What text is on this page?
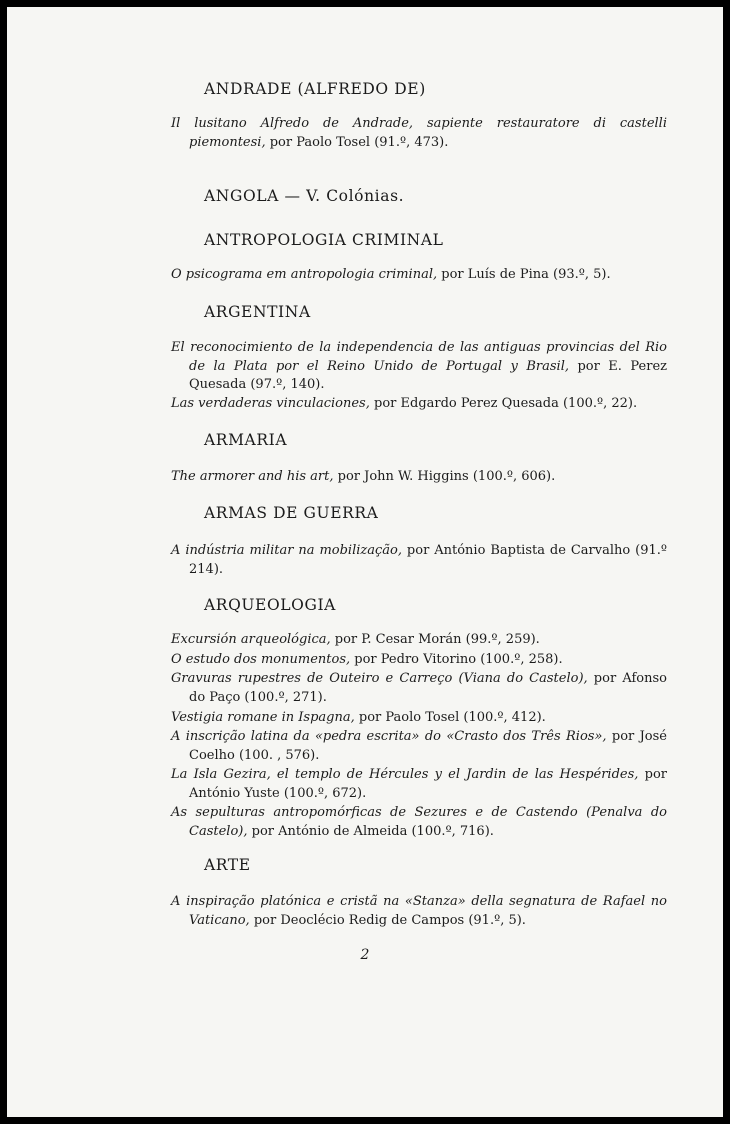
ANDRADE (ALFREDO DE)
Il lusitano Alfredo de Andrade, sapiente restauratore di castelli piemontesi, por Paolo Tosel (91.º, 473).
ANGOLA — V. Colónias.
ANTROPOLOGIA CRIMINAL
O psicograma em antropologia criminal, por Luís de Pina (93.º, 5).
ARGENTINA
El reconocimiento de la independencia de las antiguas provincias del Rio de la Plata por el Reino Unido de Portugal y Brasil, por E. Perez Quesada (97.º, 140).
Las verdaderas vinculaciones, por Edgardo Perez Quesada (100.º, 22).
ARMARIA
The armorer and his art, por John W. Higgins (100.º, 606).
ARMAS DE GUERRA
A indústria militar na mobilização, por António Baptista de Carvalho (91.º 214).
ARQUEOLOGIA
Excursión arqueológica, por P. Cesar Morán (99.º, 259).
O estudo dos monumentos, por Pedro Vitorino (100.º, 258).
Gravuras rupestres de Outeiro e Carreço (Viana do Castelo), por Afonso do Paço (100.º, 271).
Vestigia romane in Ispagna, por Paolo Tosel (100.º, 412).
A inscrição latina da «pedra escrita» do «Crasto dos Três Rios», por José Coelho (100. , 576).
La Isla Gezira, el templo de Hércules y el Jardin de las Hespérides, por António Yuste (100.º, 672).
As sepulturas antropomórficas de Sezures e de Castendo (Penalva do Castelo), por António de Almeida (100.º, 716).
ARTE
A inspiração platónica e cristã na «Stanza» della segnatura de Rafael no Vaticano, por Deoclécio Redig de Campos (91.º, 5).
2
